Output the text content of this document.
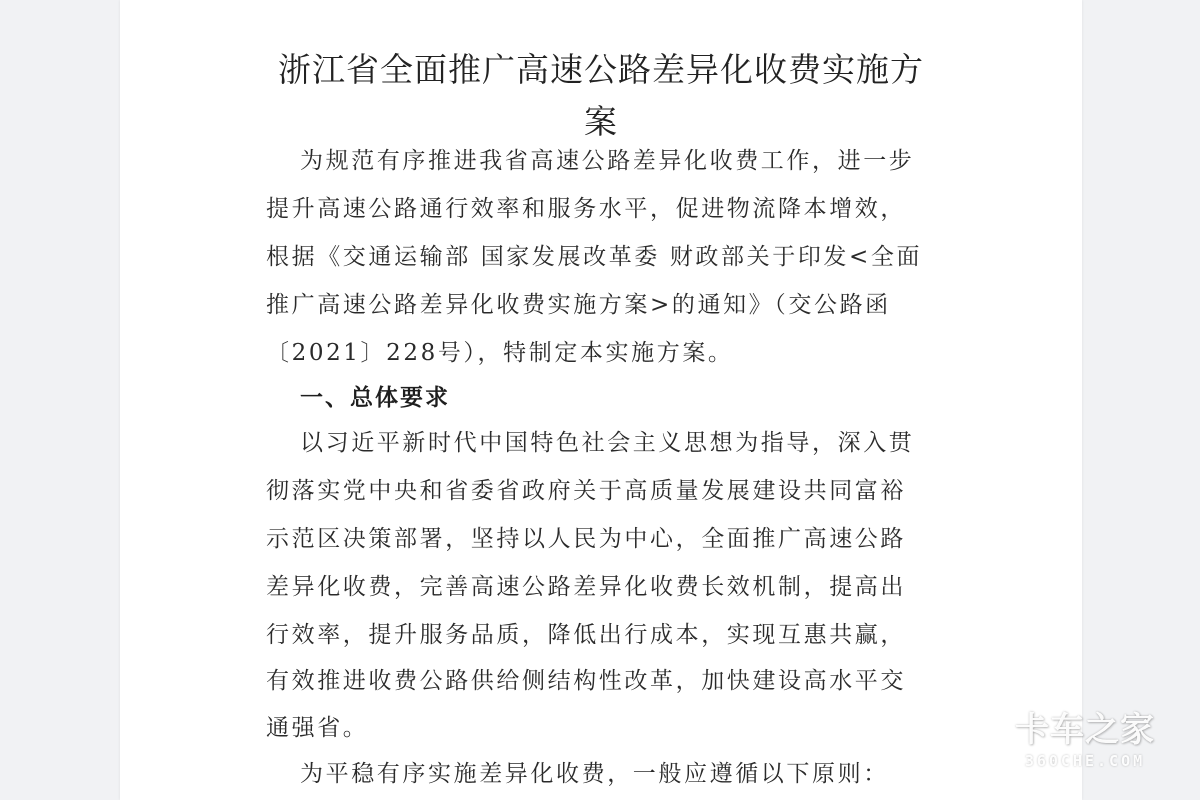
浙江省全面推广高速公路差异化收费实施方案

为规范有序推进我省高速公路差异化收费工作，进一步

提升高速公路通行效率和服务水平，促进物流降本增效，

根据《交通运输部 国家发展改革委 财政部关于印发<全面

推广高速公路差异化收费实施方案>的通知》（交公路函

〔2021〕228号），特制定本实施方案。

一、总体要求

以习近平新时代中国特色社会主义思想为指导，深入贯

彻落实党中央和省委省政府关于高质量发展建设共同富裕

示范区决策部署，坚持以人民为中心，全面推广高速公路

差异化收费，完善高速公路差异化收费长效机制，提高出

行效率，提升服务品质，降低出行成本，实现互惠共赢，

有效推进收费公路供给侧结构性改革，加快建设高水平交

通强省。

为平稳有序实施差异化收费，一般应遵循以下原则：

卡车之家
360CHE.COM
